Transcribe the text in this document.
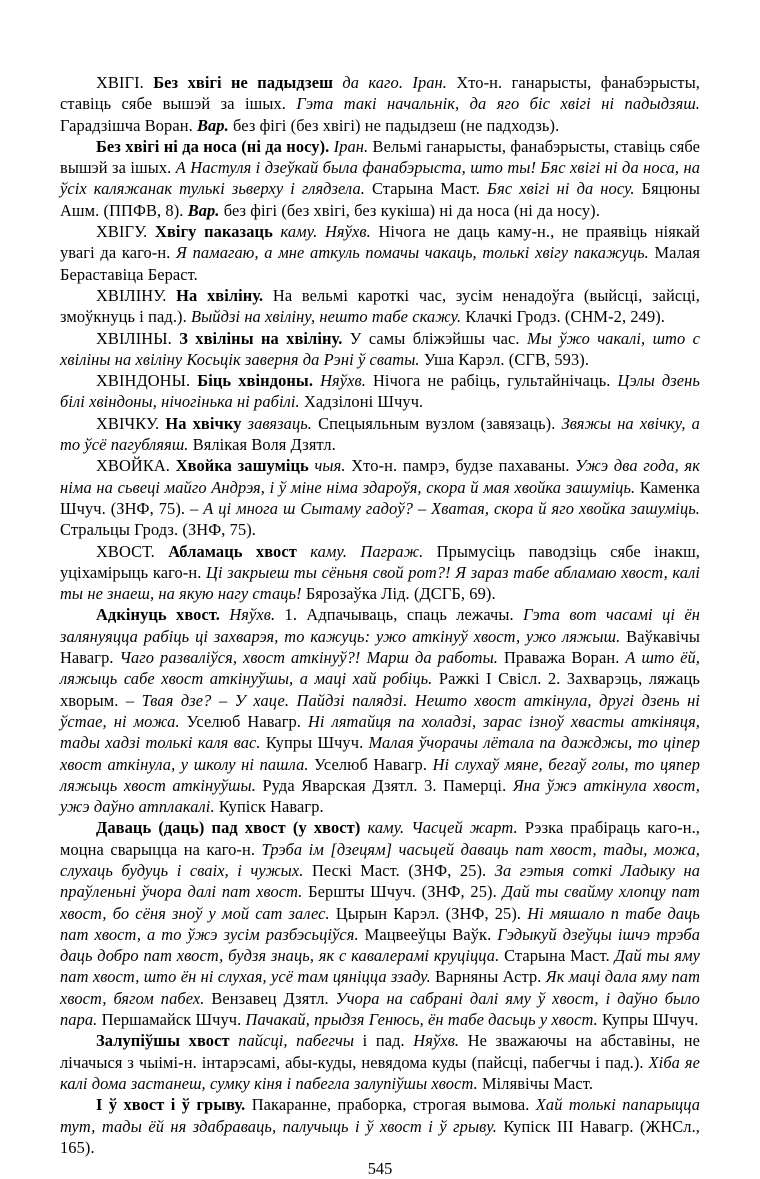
ХВІГІ. Без хвігі не падыдзеш да каго. Іран. Хто-н. ганарысты, фанабэрысты, ставіць сябе вышэй за ішых. Гэта такі начальнік, да яго біс хвігі ні падыдзяш. Гарадзішча Воран. Вар. без фігі (без хвігі) не падыдзеш (не падходзь).

Без хвігі ні да носа (ні да носу). Іран. Вельмі ганарысты, фанабэрысты, ставіць сябе вышэй за ішых. А Настуля і дзеўкай была фанабэрыста, што ты! Бяс хвігі ні да носа, на ўсіх каляжанак тулькі зьверху і глядзела. Старына Маст. Бяс хвігі ні да носу. Бяцюны Ашм. (ППФВ, 8). Вар. без фігі (без хвігі, без кукіша) ні да носа (ні да носу).

ХВІГУ. Хвігу паказаць каму. Няўхв. Нічога не даць каму-н., не праявіць ніякай увагі да каго-н. Я памагаю, а мне аткуль помачы чакаць, толькі хвігу пакажуць. Малая Бераставіца Бераст.

ХВІЛІНУ. На хвіліну. На вельмі кароткі час, зусім ненадоўга (выйсці, зайсці, змоўкнуць і пад.). Выйдзі на хвіліну, нешто табе скажу. Клачкі Гродз. (СНМ-2, 249).

ХВІЛІНЫ. З хвіліны на хвіліну. У самы бліжэйшы час. Мы ўжо чакалі, што с хвіліны на хвіліну Косьцік заверня да Рэні ў сваты. Уша Карэл. (СГВ, 593).

ХВІНДОНЫ. Біць хвіндоны. Няўхв. Нічога не рабіць, гультайнічаць. Цэлы дзень білі хвіндоны, нічогінька ні рабілі. Хадзілоні Шчуч.

ХВІЧКУ. На хвічку завязаць. Спецыяльным вузлом (завязаць). Звяжы на хвічку, а то ўсё пагубляяш. Вялікая Воля Дзятл.

ХВОЙКА. Хвойка зашуміць чыя. Хто-н. памрэ, будзе пахаваны. Ужэ два года, як німа на сьвеці майго Андрэя, і ў міне німа здароўя, скора й мая хвойка зашуміць. Каменка Шчуч. (ЗНФ, 75). – А ці многа ш Сытаму гадоў? – Хватая, скора й яго хвойка зашуміць. Стральцы Гродз. (ЗНФ, 75).

ХВОСТ. Абламаць хвост каму. Паграж. Прымусіць паводзіць сябе інакш, уціхамірыць каго-н. Ці закрыеш ты сёньня свой рот?! Я зараз табе абламаю хвост, калі ты не знаеш, на якую нагу стаць! Бярозаўка Лід. (ДСГБ, 69).

Адкінуць хвост. Няўхв. 1. Адпачываць, спаць лежачы. Гэта вот часамі ці ён залянуяцца рабіць ці захварэя, то кажуць: ужо аткінуў хвост, ужо ляжыш. Ваўкавічы Навагр. Чаго разваліўся, хвост аткінуў?! Марш да работы. Праважа Воран. А што ёй, ляжыць сабе хвост аткінуўшы, а маці хай робіць. Ражкі І Свісл. 2. Захварэць, ляжаць хворым. – Твая дзе? – У хаце. Пайдзі палядзі. Нешто хвост аткінула, другі дзень ні ўстае, ні можа. Уселюб Навагр. Ні лятайця па холадзі, зарас ізноў хвасты аткіняця, тады хадзі толькі каля вас. Купры Шчуч. Малая ўчорачы лётала па дажджы, то ціпер хвост аткінула, у школу ні пашла. Уселюб Навагр. Ні слухаў мяне, бегаў голы, то цяпер ляжыць хвост аткінуўшы. Руда Яварская Дзятл. 3. Памерці. Яна ўжэ аткінула хвост, ужэ даўно атплакалі. Купіск Навагр.

Даваць (даць) пад хвост (у хвост) каму. Часцей жарт. Рэзка прабіраць каго-н., моцна сварыцца на каго-н. Трэба ім [дзецям] часьцей даваць пат хвост, тады, можа, слухаць будуць і сваіх, і чужых. Пескі Маст. (ЗНФ, 25). За гэтыя соткі Ладыку на праўленьні ўчора далі пат хвост. Бершты Шчуч. (ЗНФ, 25). Дай ты свайму хлопцу пат хвост, бо сёня зноў у мой сат залес. Цырын Карэл. (ЗНФ, 25). Ні мяшало п табе даць пат хвост, а то ўжэ зусім разбэсьціўся. Мацвееўцы Ваўк. Гэдыкуй дзеўцы ішчэ трэба даць добро пат хвост, будзя знаць, як с кавалерамі круціцца. Старына Маст. Дай ты яму пат хвост, што ён ні слухая, усё там цяніцца ззаду. Варняны Астр. Як маці дала яму пат хвост, бягом пабех. Вензавец Дзятл. Учора на сабрані далі яму ў хвост, і даўно было пара. Першамайск Шчуч. Пачакай, прыдзя Генюсь, ён табе дасьць у хвост. Купры Шчуч.

Залупіўшы хвост пайсці, пабегчы і пад. Няўхв. Не зважаючы на абставіны, не лічачыся з чыімі-н. інтарэсамі, абы-куды, невядома куды (пайсці, пабегчы і пад.). Хіба яе калі дома застанеш, сумку кіня і пабегла залупіўшы хвост. Мілявічы Маст.

І ў хвост і ў грыву. Пакаранне, праборка, строгая вымова. Хай толькі папарыцца тут, тады ёй ня здабраваць, палучыць і ў хвост і ў грыву. Купіск ІІІ Навагр. (ЖНСл., 165).

545
